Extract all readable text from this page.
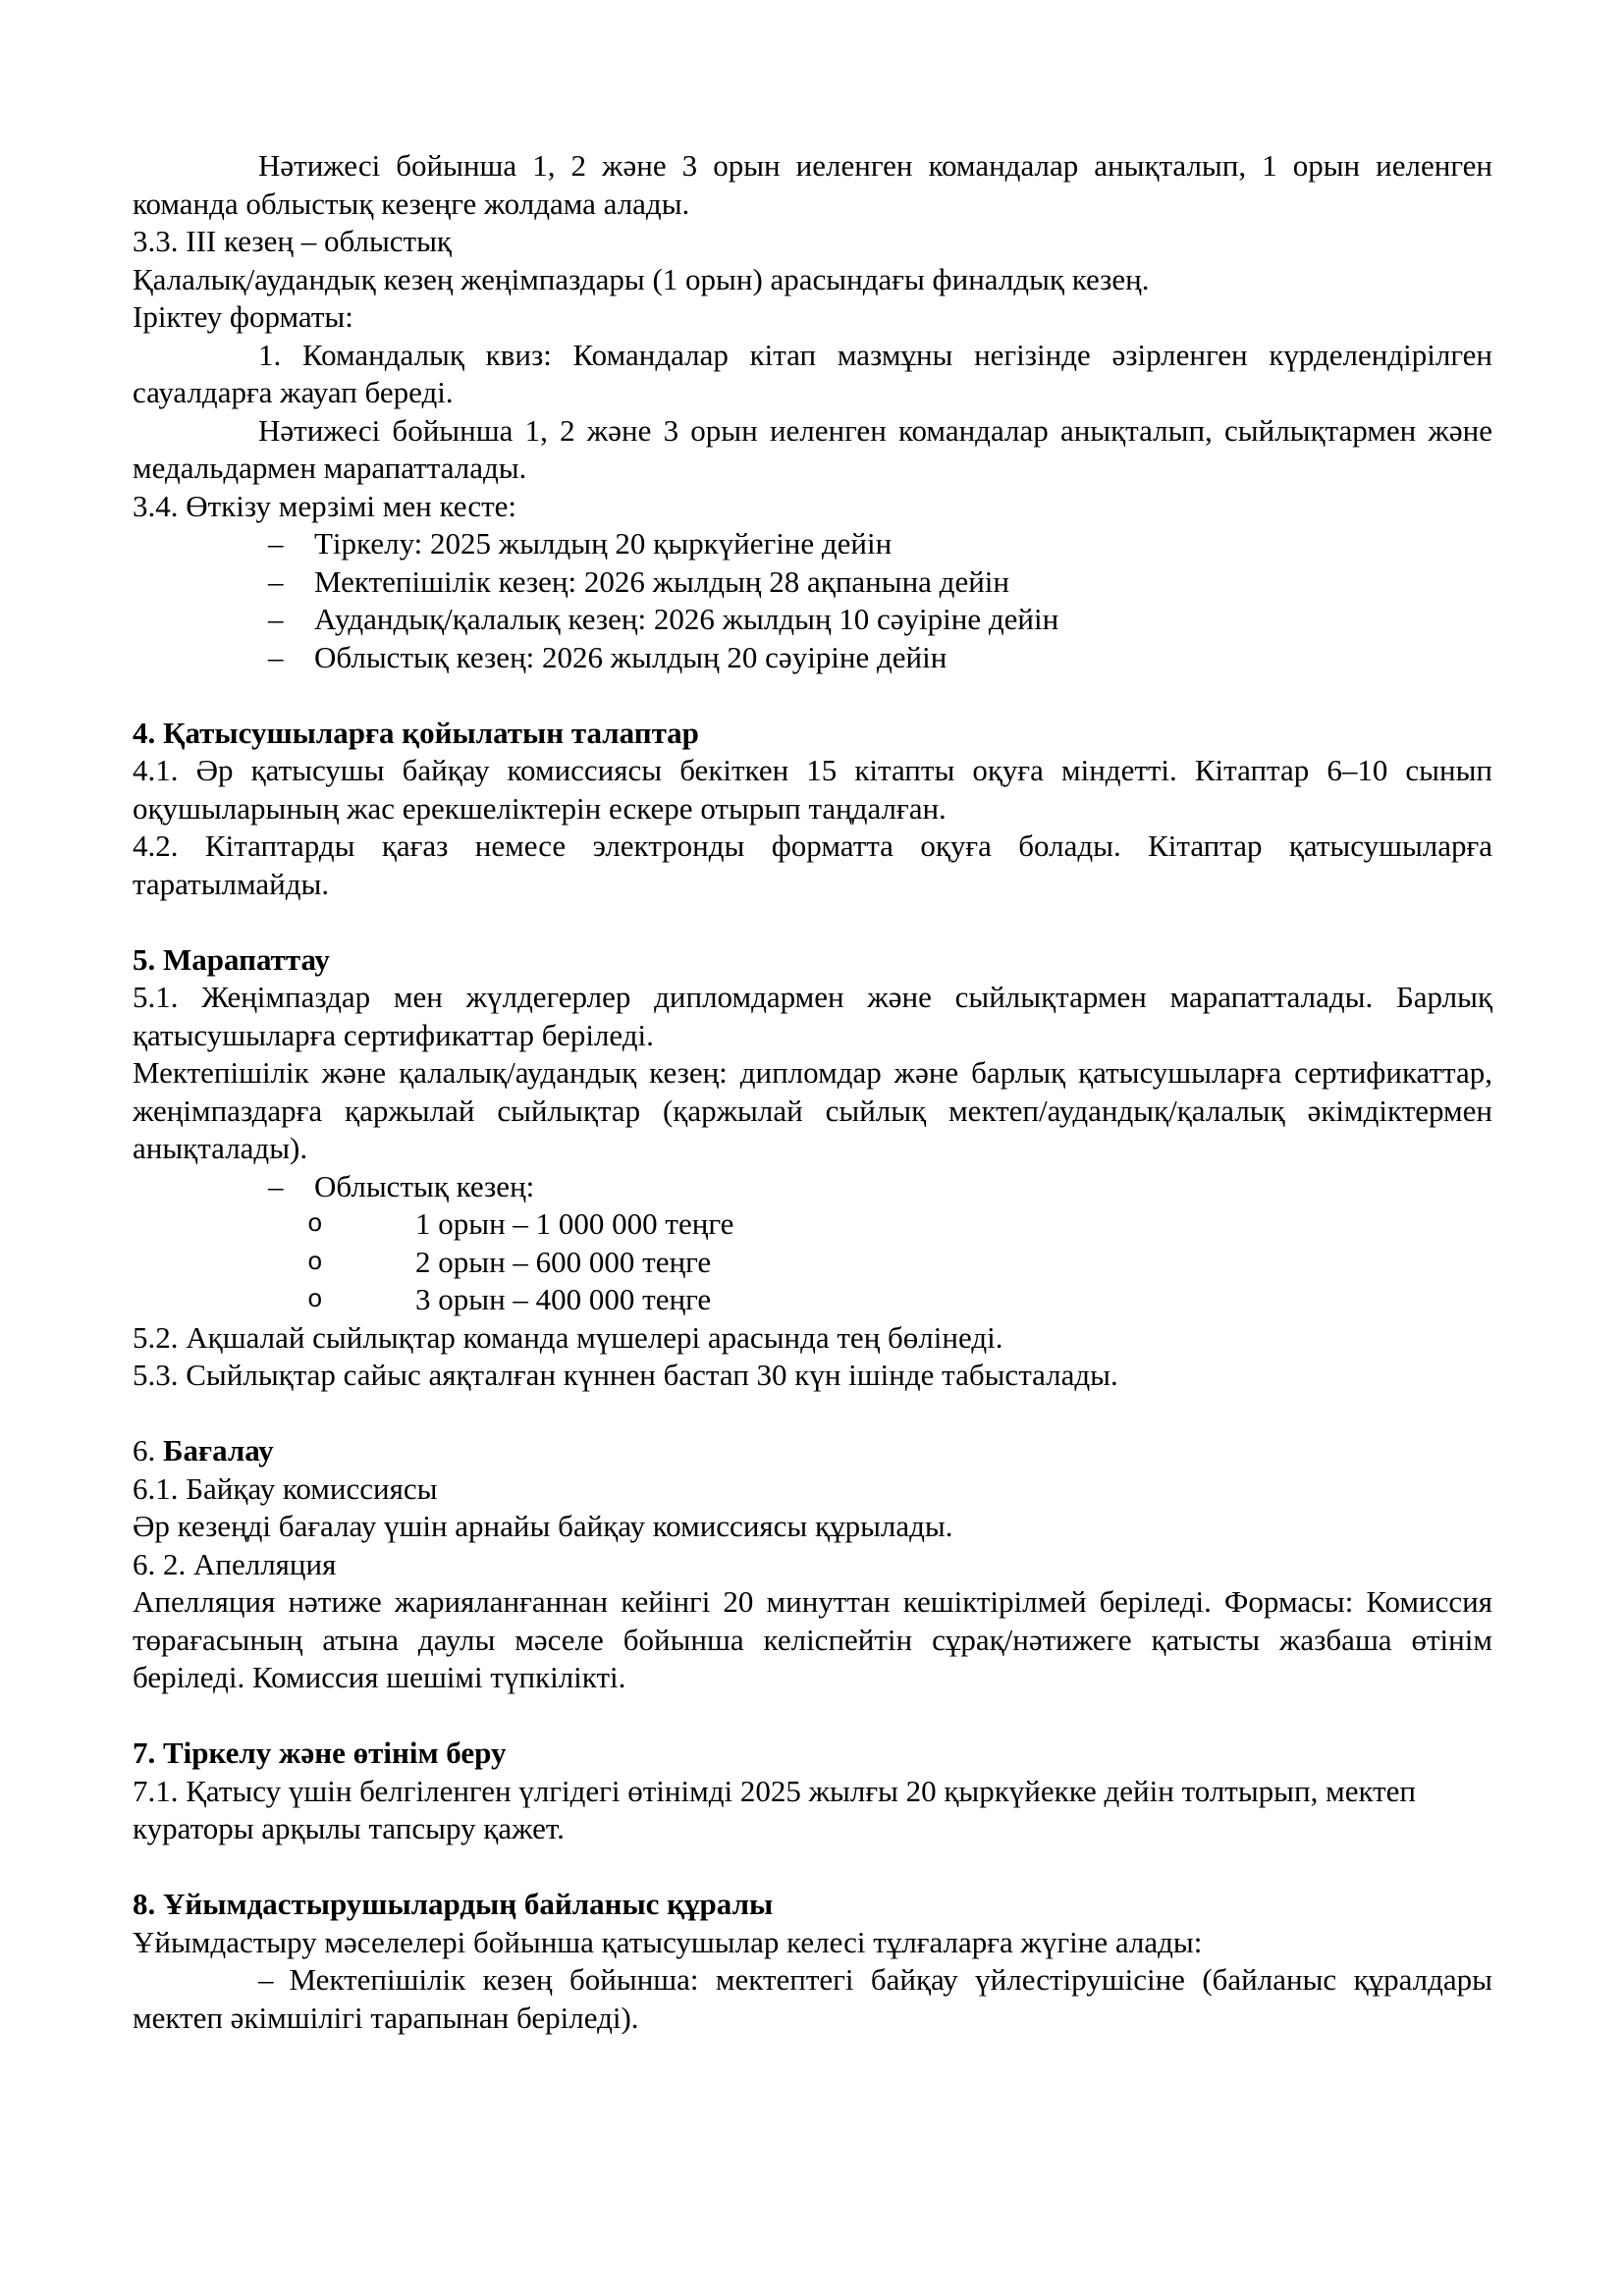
Нәтижесі бойынша 1, 2 және 3 орын иеленген командалар анықталып, 1 орын иеленген команда облыстық кезеңге жолдама алады.
3.3. III кезең – облыстық
Қалалық/аудандық кезең жеңімпаздары (1 орын) арасындағы финалдық кезең.
Іріктеу форматы:
1. Командалық квиз: Командалар кітап мазмұны негізінде әзірленген күрделендірілген сауалдарға жауап береді.
Нәтижесі бойынша 1, 2 және 3 орын иеленген командалар анықталып, сыйлықтармен және медальдармен марапатталады.
3.4. Өткізу мерзімі мен кесте:
–	Тіркелу: 2025 жылдың 20 қыркүйегіне дейін
–	Мектепішілік кезең: 2026 жылдың 28 ақпанына дейін
–	Аудандық/қалалық кезең: 2026 жылдың 10 сәуіріне дейін
–	Облыстық кезең: 2026 жылдың 20 сәуіріне дейін
4. Қатысушыларға қойылатын талаптар
4.1. Әр қатысушы байқау комиссиясы бекіткен 15 кітапты оқуға міндетті. Кітаптар 6–10 сынып оқушыларының жас ерекшеліктерін ескере отырып таңдалған.
4.2. Кітаптарды қағаз немесе электронды форматта оқуға болады. Кітаптар қатысушыларға таратылмайды.
5. Марапаттау
5.1. Жеңімпаздар мен жүлдегерлер дипломдармен және сыйлықтармен марапатталады. Барлық қатысушыларға сертификаттар беріледі.
Мектепішілік және қалалық/аудандық кезең: дипломдар және барлық қатысушыларға сертификаттар, жеңімпаздарға қаржылай сыйлықтар (қаржылай сыйлық мектеп/аудандық/қалалық әкімдіктермен анықталады).
–	Облыстық кезең:
o	1 орын – 1 000 000 теңге
o	2 орын – 600 000 теңге
o	3 орын – 400 000 теңге
5.2. Ақшалай сыйлықтар команда мүшелері арасында тең бөлінеді.
5.3. Сыйлықтар сайыс аяқталған күннен бастап 30 күн ішінде табысталады.
6. Бағалау
6.1. Байқау комиссиясы
Әр кезеңді бағалау үшін арнайы байқау комиссиясы құрылады.
6. 2. Апелляция
Апелляция нәтиже жарияланғаннан кейінгі 20 минуттан кешіктірілмей беріледі. Формасы: Комиссия төрағасының атына даулы мәселе бойынша келіспейтін сұрақ/нәтижеге қатысты жазбаша өтінім беріледі. Комиссия шешімі түпкілікті.
7. Тіркелу және өтінім беру
7.1. Қатысу үшін белгіленген үлгідегі өтінімді 2025 жылғы 20 қыркүйекке дейін толтырып, мектеп кураторы арқылы тапсыру қажет.
8. Ұйымдастырушылардың байланыс құралы
Ұйымдастыру мәселелері бойынша қатысушылар келесі тұлғаларға жүгіне алады:
– Мектепішілік кезең бойынша: мектептегі байқау үйлестірушісіне (байланыс құралдары мектеп әкімшілігі тарапынан беріледі).
